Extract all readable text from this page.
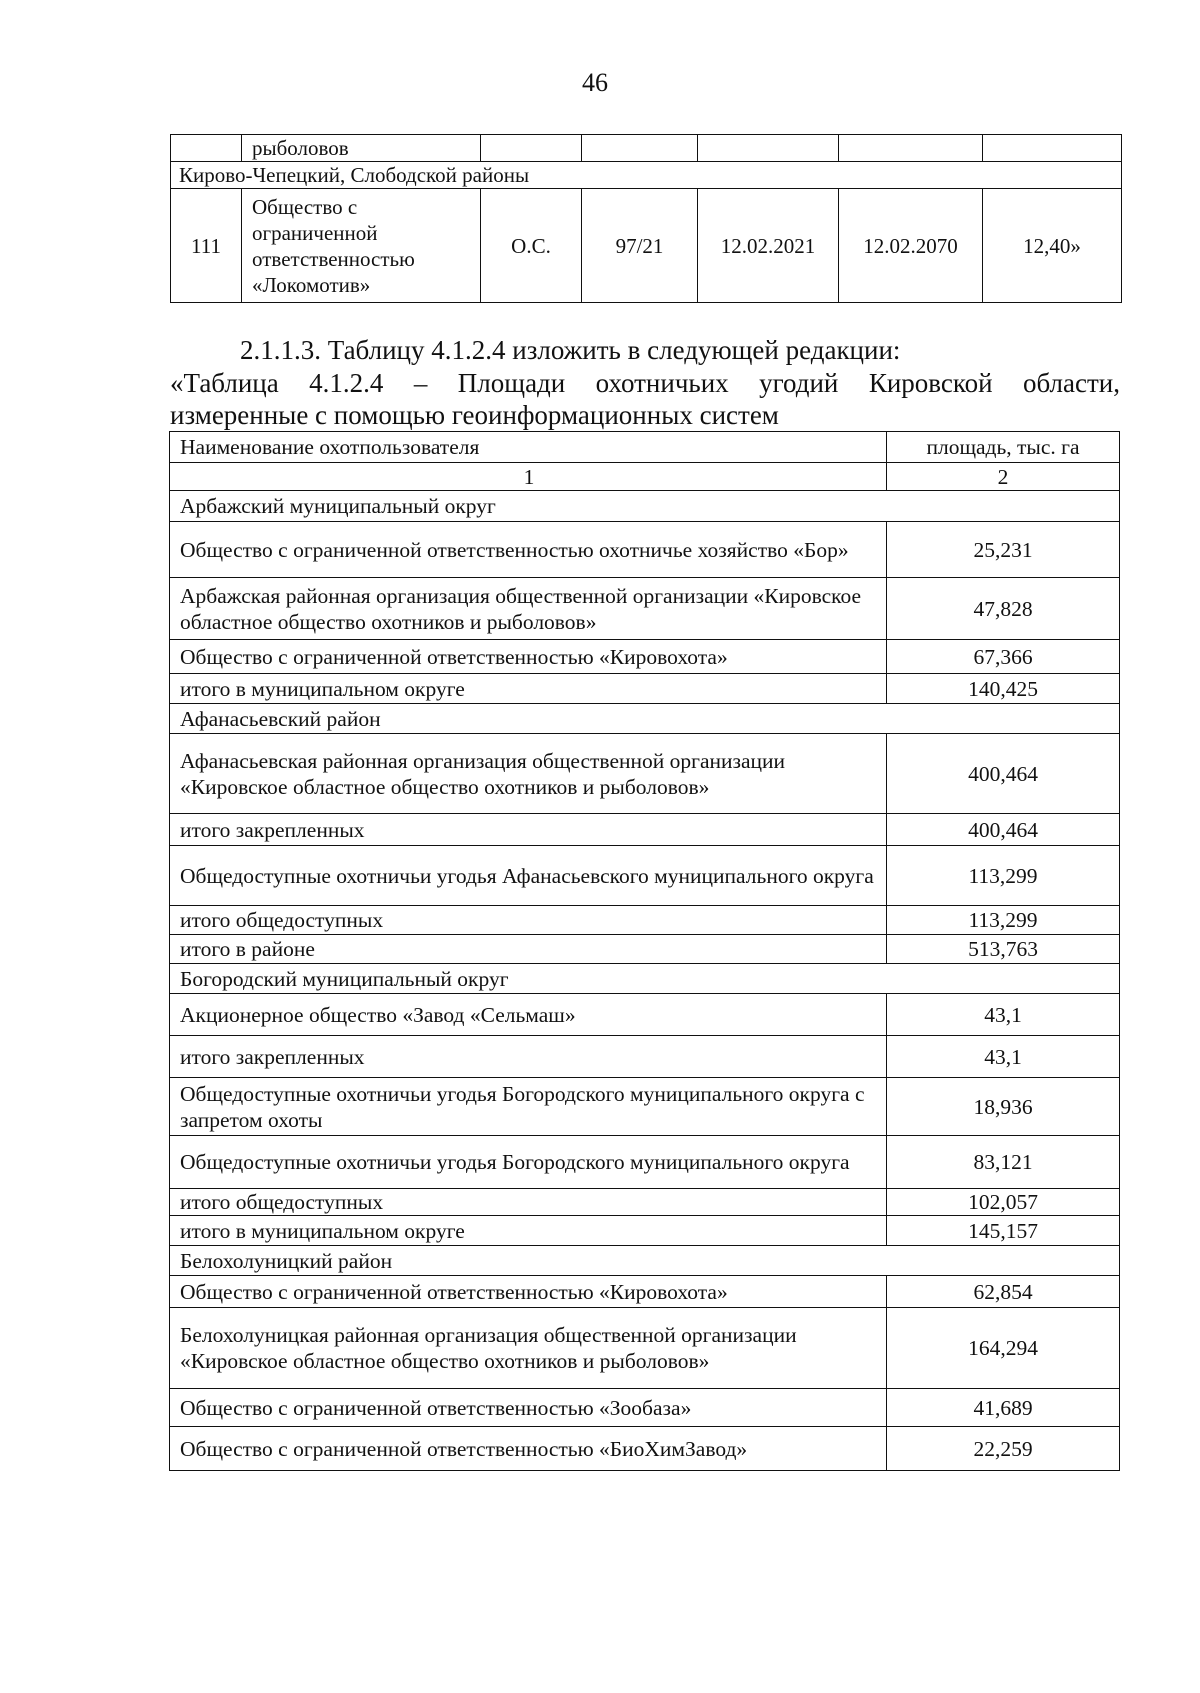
46
	рыболовов					
Кирово-Чепецкий, Слободской районы						
111	Общество с
ограниченной
ответственностью
«Локомотив»	О.С.	97/21	12.02.2021	12.02.2070	12,40»
2.1.1.3. Таблицу 4.1.2.4 изложить в следующей редакции:
«Таблица 4.1.2.4 – Площади охотничьих угодий Кировской области,
измеренные с помощью геоинформационных систем
Наименование охотпользователя	площадь, тыс. га
1	2
Арбажский муниципальный округ	
Общество с ограниченной ответственностью охотничье хозяйство «Бор»	25,231
Арбажская районная организация общественной организации «Кировское областное общество охотников и рыболовов»	47,828
Общество с ограниченной ответственностью «Кировохота»	67,366
итого в муниципальном округе	140,425
Афанасьевский район	
Афанасьевская районная организация общественной организации «Кировское областное общество охотников и рыболовов»	400,464
итого закрепленных	400,464
Общедоступные охотничьи угодья Афанасьевского муниципального округа	113,299
итого общедоступных	113,299
итого в районе	513,763
Богородский муниципальный округ	
Акционерное общество «Завод «Сельмаш»	43,1
итого закрепленных	43,1
Общедоступные охотничьи угодья Богородского муниципального округа с запретом охоты	18,936
Общедоступные охотничьи угодья Богородского муниципального округа	83,121
итого общедоступных	102,057
итого в муниципальном округе	145,157
Белохолуницкий район	
Общество с ограниченной ответственностью «Кировохота»	62,854
Белохолуницкая районная организация общественной организации «Кировское областное общество охотников и рыболовов»	164,294
Общество с ограниченной ответственностью «Зообаза»	41,689
Общество с ограниченной ответственностью «БиоХимЗавод»	22,259
